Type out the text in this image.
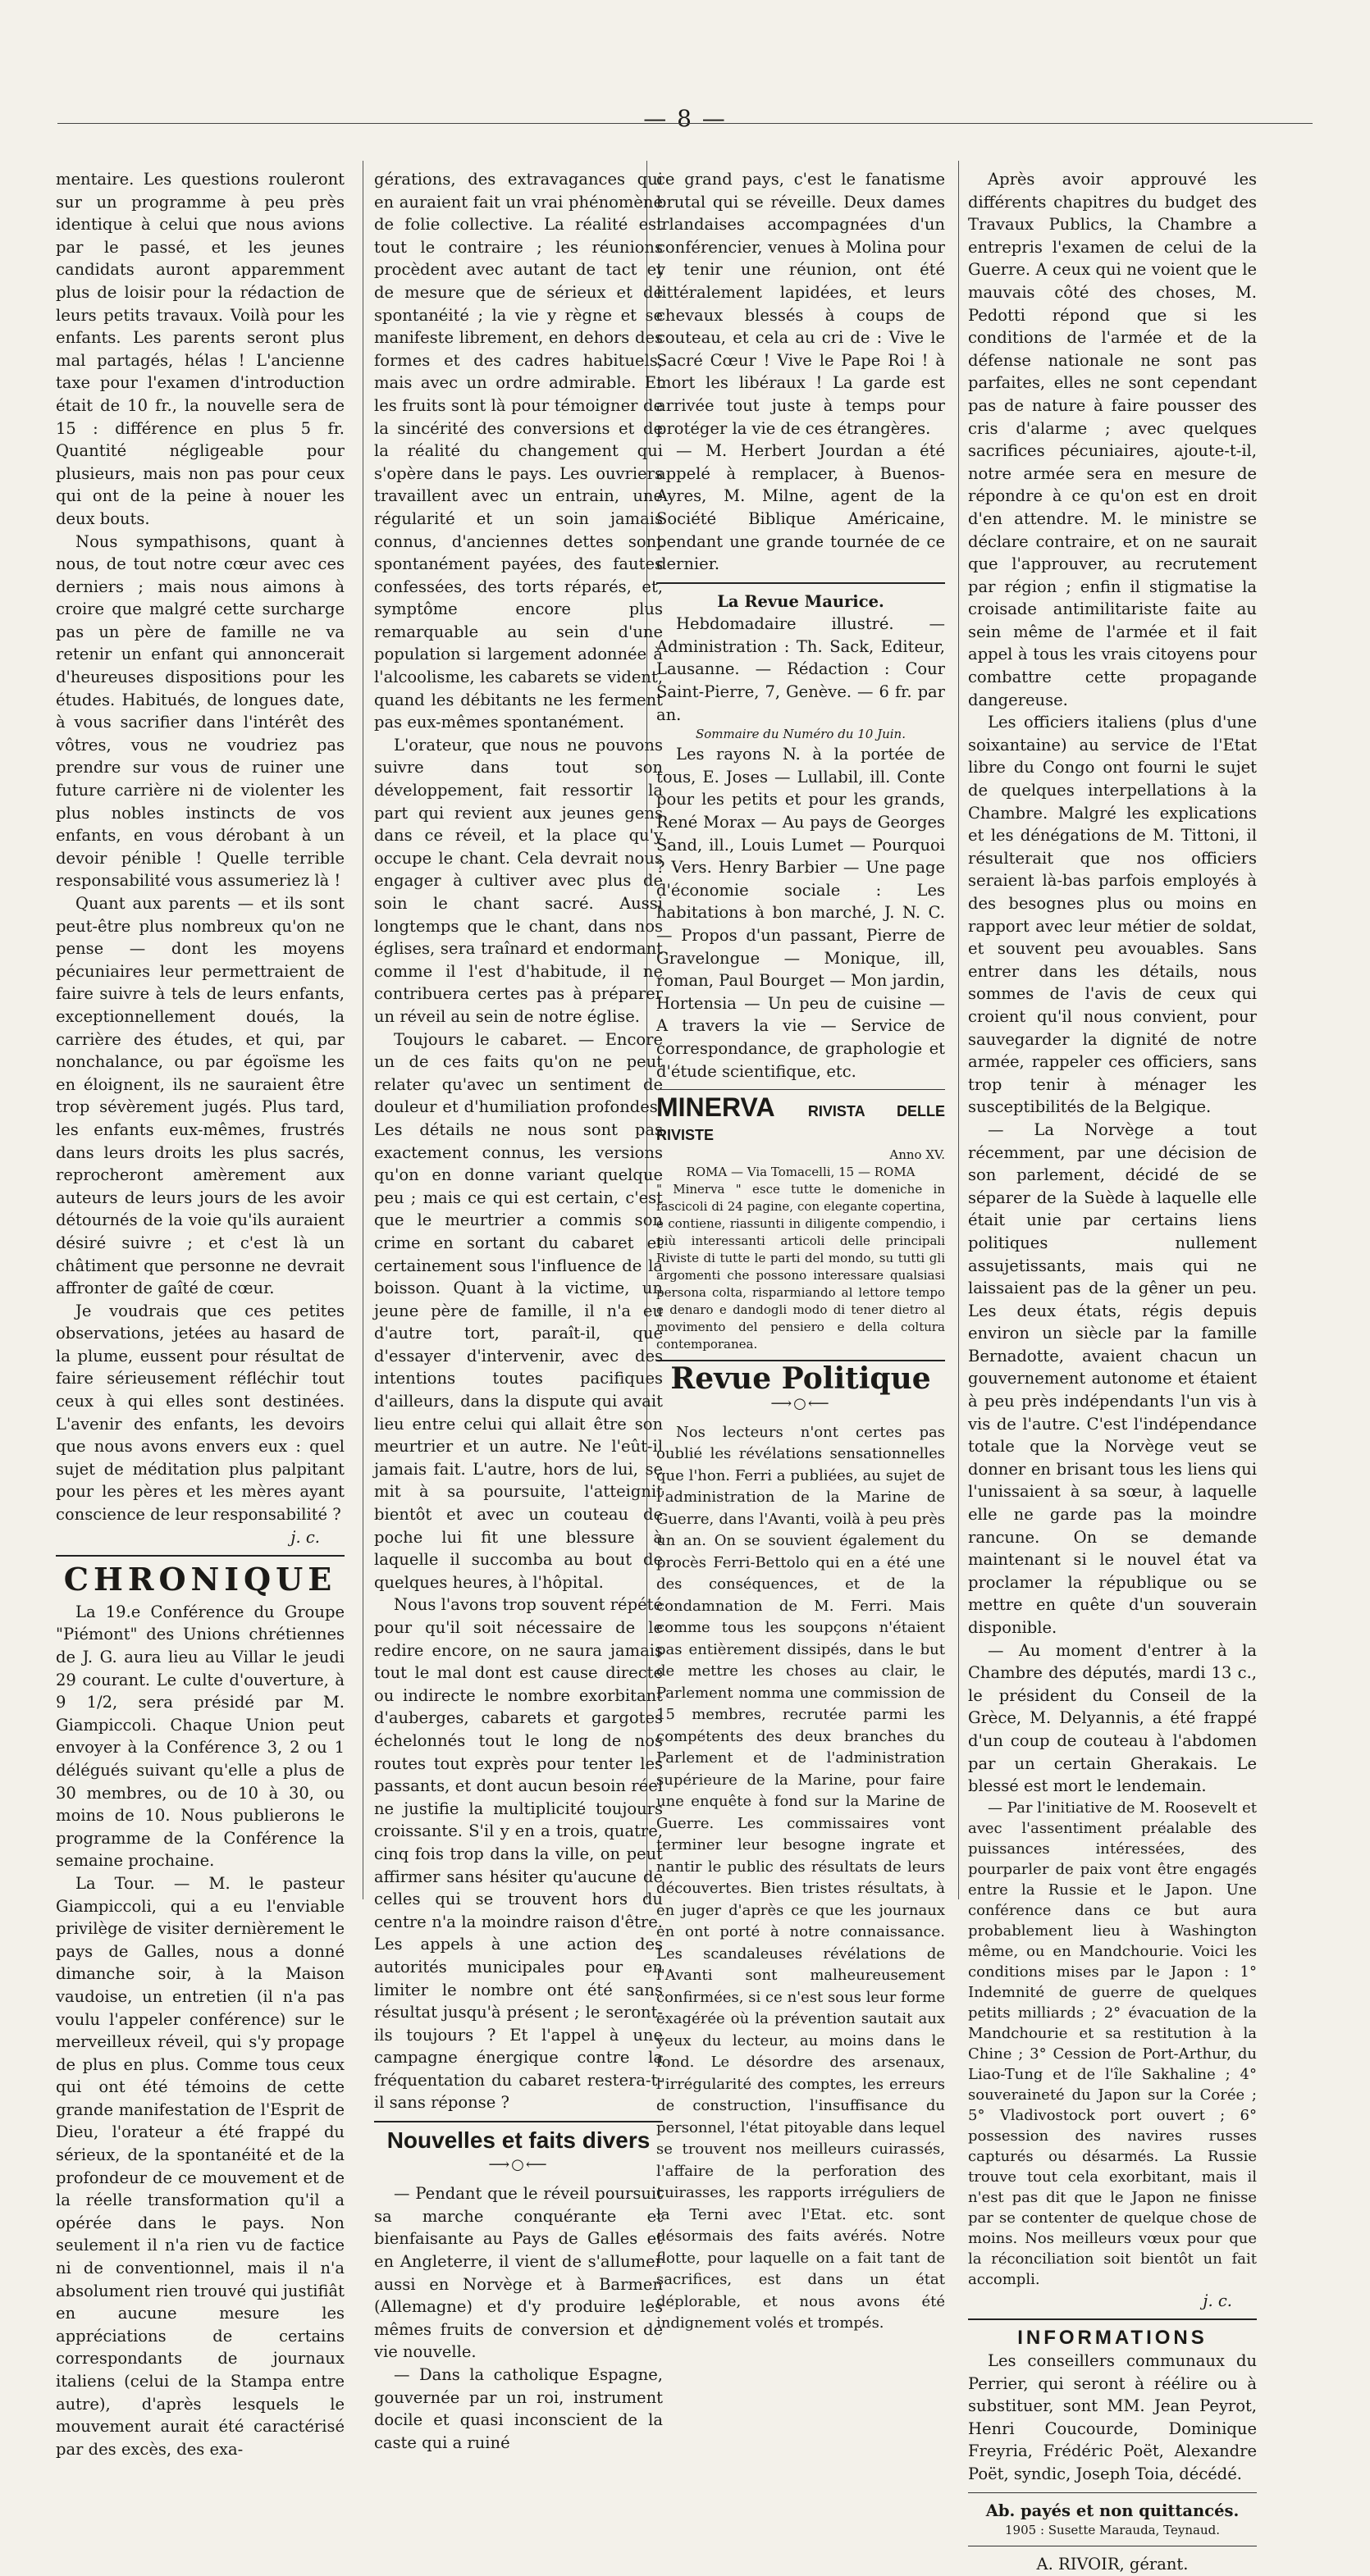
— 8 —

mentaire. Les questions rouleront sur un programme à peu près identique à celui que nous avions par le passé, et les jeunes candidats auront apparemment plus de loisir pour la rédaction de leurs petits travaux. Voilà pour les enfants. Les parents seront plus mal partagés, hélas ! L'ancienne taxe pour l'examen d'introduction était de 10 fr., la nouvelle sera de 15 : différence en plus 5 fr. Quantité négligeable pour plusieurs, mais non pas pour ceux qui ont de la peine à nouer les deux bouts.

Nous sympathisons, quant à nous, de tout notre cœur avec ces derniers ; mais nous aimons à croire que malgré cette surcharge pas un père de famille ne va retenir un enfant qui annoncerait d'heureuses dispositions pour les études. Habitués, de longues date, à vous sacrifier dans l'intérêt des vôtres, vous ne voudriez pas prendre sur vous de ruiner une future carrière ni de violenter les plus nobles instincts de vos enfants, en vous dérobant à un devoir pénible ! Quelle terrible responsabilité vous assumeriez là !

Quant aux parents — et ils sont peut-être plus nombreux qu'on ne pense — dont les moyens pécuniaires leur permettraient de faire suivre à tels de leurs enfants, exceptionnellement doués, la carrière des études, et qui, par nonchalance, ou par égoïsme les en éloignent, ils ne sauraient être trop sévèrement jugés. Plus tard, les enfants eux-mêmes, frustrés dans leurs droits les plus sacrés, reprocheront amèrement aux auteurs de leurs jours de les avoir détournés de la voie qu'ils auraient désiré suivre ; et c'est là un châtiment que personne ne devrait affronter de gaîté de cœur.

Je voudrais que ces petites observations, jetées au hasard de la plume, eussent pour résultat de faire sérieusement réfléchir tout ceux à qui elles sont destinées. L'avenir des enfants, les devoirs que nous avons envers eux : quel sujet de méditation plus palpitant pour les pères et les mères ayant conscience de leur responsabilité ?

j. c.
CHRONIQUE

La 19.e Conférence du Groupe "Piémont" des Unions chrétiennes de J. G. aura lieu au Villar le jeudi 29 courant. Le culte d'ouverture, à 9 1/2, sera présidé par M. Giampiccoli. Chaque Union peut envoyer à la Conférence 3, 2 ou 1 délégués suivant qu'elle a plus de 30 membres, ou de 10 à 30, ou moins de 10. Nous publierons le programme de la Conférence la semaine prochaine.

La Tour. — M. le pasteur Giampiccoli, qui a eu l'enviable privilège de visiter dernièrement le pays de Galles, nous a donné dimanche soir, à la Maison vaudoise, un entretien (il n'a pas voulu l'appeler conférence) sur le merveilleux réveil, qui s'y propage de plus en plus. Comme tous ceux qui ont été témoins de cette grande manifestation de l'Esprit de Dieu, l'orateur a été frappé du sérieux, de la spontanéité et de la profondeur de ce mouvement et de la réelle transformation qu'il a opérée dans le pays. Non seulement il n'a rien vu de factice ni de conventionnel, mais il n'a absolument rien trouvé qui justifiât en aucune mesure les appréciations de certains correspondants de journaux italiens (celui de la Stampa entre autre), d'après lesquels le mouvement aurait été caractérisé par des excès, des exa-

gérations, des extravagances qui en auraient fait un vrai phénomène de folie collective. La réalité est tout le contraire ; les réunions procèdent avec autant de tact et de mesure que de sérieux et de spontanéité ; la vie y règne et se manifeste librement, en dehors des formes et des cadres habituels, mais avec un ordre admirable. Et les fruits sont là pour témoigner de la sincérité des conversions et de la réalité du changement qui s'opère dans le pays. Les ouvriers travaillent avec un entrain, une régularité et un soin jamais connus, d'anciennes dettes sont spontanément payées, des fautes confessées, des torts réparés, et, symptôme encore plus remarquable au sein d'une population si largement adonnée à l'alcoolisme, les cabarets se vident, quand les débitants ne les ferment pas eux-mêmes spontanément.

L'orateur, que nous ne pouvons suivre dans tout son développement, fait ressortir la part qui revient aux jeunes gens dans ce réveil, et la place qu'y occupe le chant. Cela devrait nous engager à cultiver avec plus de soin le chant sacré. Aussi longtemps que le chant, dans nos églises, sera traînard et endormant comme il l'est d'habitude, il ne contribuera certes pas à préparer un réveil au sein de notre église.

Toujours le cabaret. — Encore un de ces faits qu'on ne peut relater qu'avec un sentiment de douleur et d'humiliation profondes. Les détails ne nous sont pas exactement connus, les versions qu'on en donne variant quelque peu ; mais ce qui est certain, c'est que le meurtrier a commis son crime en sortant du cabaret et certainement sous l'influence de la boisson. Quant à la victime, un jeune père de famille, il n'a eu d'autre tort, paraît-il, que d'essayer d'intervenir, avec des intentions toutes pacifiques d'ailleurs, dans la dispute qui avait lieu entre celui qui allait être son meurtrier et un autre. Ne l'eût-il jamais fait. L'autre, hors de lui, se mit à sa poursuite, l'atteignit bientôt et avec un couteau de poche lui fit une blessure à laquelle il succomba au bout de quelques heures, à l'hôpital.

Nous l'avons trop souvent répété pour qu'il soit nécessaire de le redire encore, on ne saura jamais tout le mal dont est cause directe ou indirecte le nombre exorbitant d'auberges, cabarets et gargotes échelonnés tout le long de nos routes tout exprès pour tenter les passants, et dont aucun besoin réel ne justifie la multiplicité toujours croissante. S'il y en a trois, quatre, cinq fois trop dans la ville, on peut affirmer sans hésiter qu'aucune de celles qui se trouvent hors du centre n'a la moindre raison d'être. Les appels à une action des autorités municipales pour en limiter le nombre ont été sans résultat jusqu'à présent ; le seront-ils toujours ? Et l'appel à une campagne énergique contre la fréquentation du cabaret restera-t-il sans réponse ?

Nouvelles et faits divers
⟶○⟵

— Pendant que le réveil poursuit sa marche conquérante et bienfaisante au Pays de Galles et en Angleterre, il vient de s'allumer aussi en Norvège et à Barmen (Allemagne) et d'y produire les mêmes fruits de conversion et de vie nouvelle.

— Dans la catholique Espagne, gouvernée par un roi, instrument docile et quasi inconscient de la caste qui a ruiné

ce grand pays, c'est le fanatisme brutal qui se réveille. Deux dames irlandaises accompagnées d'un conférencier, venues à Molina pour y tenir une réunion, ont été littéralement lapidées, et leurs chevaux blessés à coups de couteau, et cela au cri de : Vive le Sacré Cœur ! Vive le Pape Roi ! à mort les libéraux ! La garde est arrivée tout juste à temps pour protéger la vie de ces étrangères.

— M. Herbert Jourdan a été appelé à remplacer, à Buenos-Ayres, M. Milne, agent de la Société Biblique Américaine, pendant une grande tournée de ce dernier.

La Revue Maurice.

Hebdomadaire illustré. — Administration : Th. Sack, Editeur, Lausanne. — Rédaction : Cour Saint-Pierre, 7, Genève. — 6 fr. par an.

Sommaire du Numéro du 10 Juin.

Les rayons N. à la portée de tous, E. Joses — Lullabil, ill. Conte pour les petits et pour les grands, René Morax — Au pays de Georges Sand, ill., Louis Lumet — Pourquoi ? Vers. Henry Barbier — Une page d'économie sociale : Les habitations à bon marché, J. N. C. — Propos d'un passant, Pierre de Gravelongue — Monique, ill, roman, Paul Bourget — Mon jardin, Hortensia — Un peu de cuisine — A travers la vie — Service de correspondance, de graphologie et d'étude scientifique, etc.

MINERVA RIVISTA DELLE RIVISTE
Anno XV.
ROMA — Via Tomacelli, 15 — ROMA
" Minerva " esce tutte le domeniche in fascicoli di 24 pagine, con elegante copertina, e contiene, riassunti in diligente compendio, i più interessanti articoli delle principali Riviste di tutte le parti del mondo, su tutti gli argomenti che possono interessare qualsiasi persona colta, risparmiando al lettore tempo e denaro e dandogli modo di tener dietro al movimento del pensiero e della coltura contemporanea.
Revue Politique
⟶○⟵

Nos lecteurs n'ont certes pas oublié les révélations sensationnelles que l'hon. Ferri a publiées, au sujet de l'administration de la Marine de Guerre, dans l'Avanti, voilà à peu près un an. On se souvient également du procès Ferri-Bettolo qui en a été une des conséquences, et de la condamnation de M. Ferri. Mais comme tous les soupçons n'étaient pas entièrement dissipés, dans le but de mettre les choses au clair, le Parlement nomma une commission de 15 membres, recrutée parmi les compétents des deux branches du Parlement et de l'administration supérieure de la Marine, pour faire une enquête à fond sur la Marine de Guerre. Les commissaires vont terminer leur besogne ingrate et nantir le public des résultats de leurs découvertes. Bien tristes résultats, à en juger d'après ce que les journaux en ont porté à notre connaissance. Les scandaleuses révélations de l'Avanti sont malheureusement confirmées, si ce n'est sous leur forme exagérée où la prévention sautait aux yeux du lecteur, au moins dans le fond. Le désordre des arsenaux, l'irrégularité des comptes, les erreurs de construction, l'insuffisance du personnel, l'état pitoyable dans lequel se trouvent nos meilleurs cuirassés, l'affaire de la perforation des cuirasses, les rapports irréguliers de la Terni avec l'Etat. etc. sont désormais des faits avérés. Notre flotte, pour laquelle on a fait tant de sacrifices, est dans un état déplorable, et nous avons été indignement volés et trompés.

Après avoir approuvé les différents chapitres du budget des Travaux Publics, la Chambre a entrepris l'examen de celui de la Guerre. A ceux qui ne voient que le mauvais côté des choses, M. Pedotti répond que si les conditions de l'armée et de la défense nationale ne sont pas parfaites, elles ne sont cependant pas de nature à faire pousser des cris d'alarme ; avec quelques sacrifices pécuniaires, ajoute-t-il, notre armée sera en mesure de répondre à ce qu'on est en droit d'en attendre. M. le ministre se déclare contraire, et on ne saurait que l'approuver, au recrutement par région ; enfin il stigmatise la croisade antimilitariste faite au sein même de l'armée et il fait appel à tous les vrais citoyens pour combattre cette propagande dangereuse.

Les officiers italiens (plus d'une soixantaine) au service de l'Etat libre du Congo ont fourni le sujet de quelques interpellations à la Chambre. Malgré les explications et les dénégations de M. Tittoni, il résulterait que nos officiers seraient là-bas parfois employés à des besognes plus ou moins en rapport avec leur métier de soldat, et souvent peu avouables. Sans entrer dans les détails, nous sommes de l'avis de ceux qui croient qu'il nous convient, pour sauvegarder la dignité de notre armée, rappeler ces officiers, sans trop tenir à ménager les susceptibilités de la Belgique.

— La Norvège a tout récemment, par une décision de son parlement, décidé de se séparer de la Suède à laquelle elle était unie par certains liens politiques nullement assujetissants, mais qui ne laissaient pas de la gêner un peu. Les deux états, régis depuis environ un siècle par la famille Bernadotte, avaient chacun un gouvernement autonome et étaient à peu près indépendants l'un vis à vis de l'autre. C'est l'indépendance totale que la Norvège veut se donner en brisant tous les liens qui l'unissaient à sa sœur, à laquelle elle ne garde pas la moindre rancune. On se demande maintenant si le nouvel état va proclamer la république ou se mettre en quête d'un souverain disponible.

— Au moment d'entrer à la Chambre des députés, mardi 13 c., le président du Conseil de la Grèce, M. Delyannis, a été frappé d'un coup de couteau à l'abdomen par un certain Gherakais. Le blessé est mort le lendemain.

— Par l'initiative de M. Roosevelt et avec l'assentiment préalable des puissances intéressées, des pourparler de paix vont être engagés entre la Russie et le Japon. Une conférence dans ce but aura probablement lieu à Washington même, ou en Mandchourie. Voici les conditions mises par le Japon : 1° Indemnité de guerre de quelques petits milliards ; 2° évacuation de la Mandchourie et sa restitution à la Chine ; 3° Cession de Port-Arthur, du Liao-Tung et de l'île Sakhaline ; 4° souveraineté du Japon sur la Corée ; 5° Vladivostock port ouvert ; 6° possession des navires russes capturés ou désarmés. La Russie trouve tout cela exorbitant, mais il n'est pas dit que le Japon ne finisse par se contenter de quelque chose de moins. Nos meilleurs vœux pour que la réconciliation soit bientôt un fait accompli.

j. c.
INFORMATIONS

Les conseillers communaux du Perrier, qui seront à réélire ou à substituer, sont MM. Jean Peyrot, Henri Coucourde, Dominique Freyria, Frédéric Poët, Alexandre Poët, syndic, Joseph Toia, décédé.

Ab. payés et non quittancés.
1905 : Susette Marauda, Teynaud.
A. RIVOIR, gérant.
